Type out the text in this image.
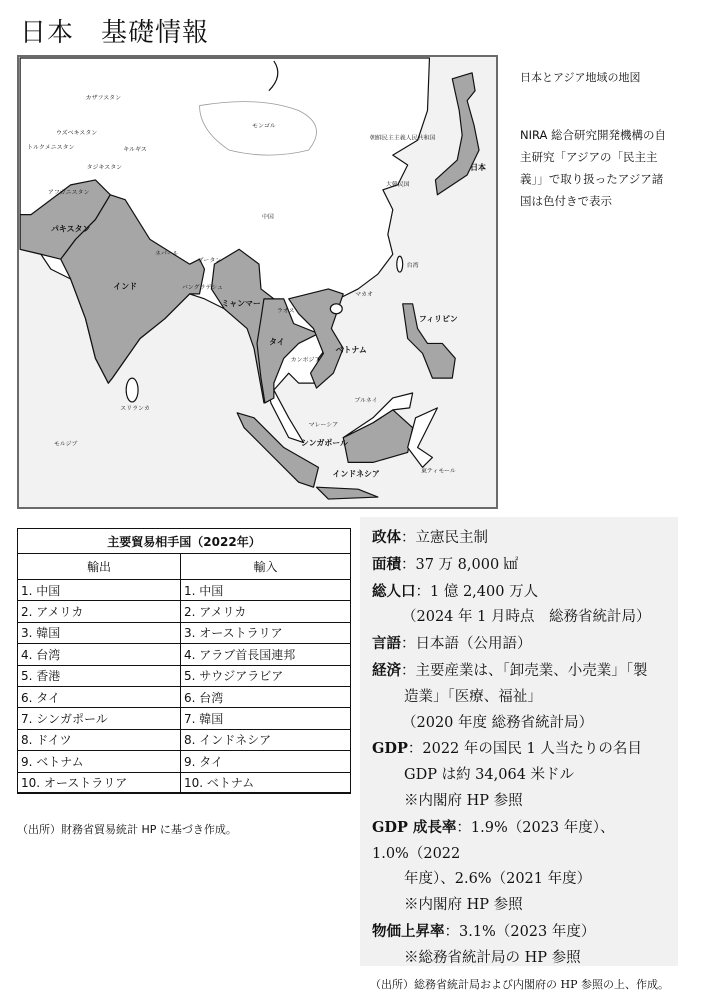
日本　基礎情報
カザフスタン
ウズベキスタン
トルクメニスタン	キルギス
タジキスタン
アフガニスタン
パキスタン
モンゴル
朝鮮民主主義人民共和国
日本
大韓民国
中国
ネパール
ブータン
台湾
インド	バングラデシュ
マカオ
ミャンマー
ラオス
フィリピン
タイ
ベトナム
カンボジア
スリランカ
ブルネイ
マレーシア
シンガポール
モルジブ
インドネシア	東ティモール
日本とアジア地域の地図
NIRA 総合研究開発機構の自主研究「アジアの「民主主義」」で取り扱ったアジア諸国は色付きで表示
主要貿易相手国（2022年）	
輸出	輸入
1. 中国	1. 中国
2. アメリカ	2. アメリカ
3. 韓国	3. オーストラリア
4. 台湾	4. アラブ首長国連邦
5. 香港	5. サウジアラビア
6. タイ	6. 台湾
7. シンガポール	7. 韓国
8. ドイツ	8. インドネシア
9. ベトナム	9. タイ
10. オーストラリア	10. ベトナム
（出所）財務省貿易統計 HP に基づき作成。
政体：立憲民主制
面積：37 万 8,000 ㎢
総人口：1 億 2,400 万人
（2024 年 1 月時点　総務省統計局）
言語：日本語（公用語）
経済：主要産業は、「卸売業、小売業」「製
造業」「医療、福祉」
（2020 年度 総務省統計局）
GDP：2022 年の国民 1 人当たりの名目
GDP は約 34,064 米ドル
※内閣府 HP 参照
GDP 成長率：1.9%（2023 年度）、1.0%（2022
年度）、2.6%（2021 年度）
※内閣府 HP 参照
物価上昇率：3.1%（2023 年度）
※総務省統計局の HP 参照
（出所）総務省統計局および内閣府の HP 参照の上、作成。
